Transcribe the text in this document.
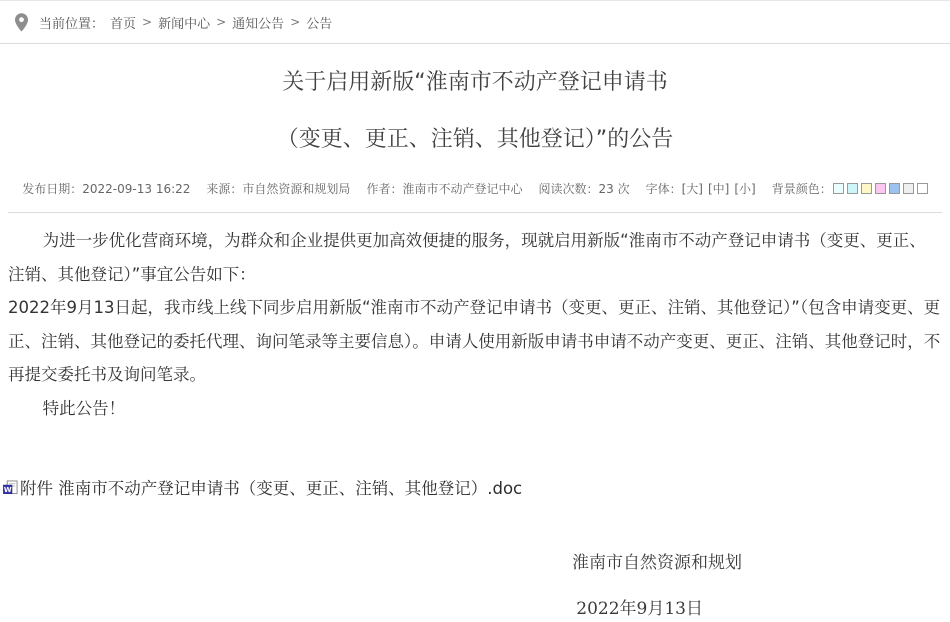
当前位置： 首页 > 新闻中心 > 通知公告 > 公告
关于启用新版“淮南市不动产登记申请书
（变更、更正、注销、其他登记）”的公告
发布日期： 2022-09-13 16:22 来源： 市自然资源和规划局 作者： 淮南市不动产登记中心 阅读次数： 23 次 字体： [大] [中] [小] 背景颜色：

为进一步优化营商环境，为群众和企业提供更加高效便捷的服务，现就启用新版“淮南市不动产登记申请书（变更、更正、注销、其他登记）”事宜公告如下：

2022年9月13日起，我市线上线下同步启用新版“淮南市不动产登记申请书（变更、更正、注销、其他登记）”（包含申请变更、更正、注销、其他登记的委托代理、询问笔录等主要信息）。申请人使用新版申请书申请不动产变更、更正、注销、其他登记时，不再提交委托书及询问笔录。

特此公告！

W 附件 淮南市不动产登记申请书（变更、更正、注销、其他登记）.doc
淮南市自然资源和规划
2022年9月13日
